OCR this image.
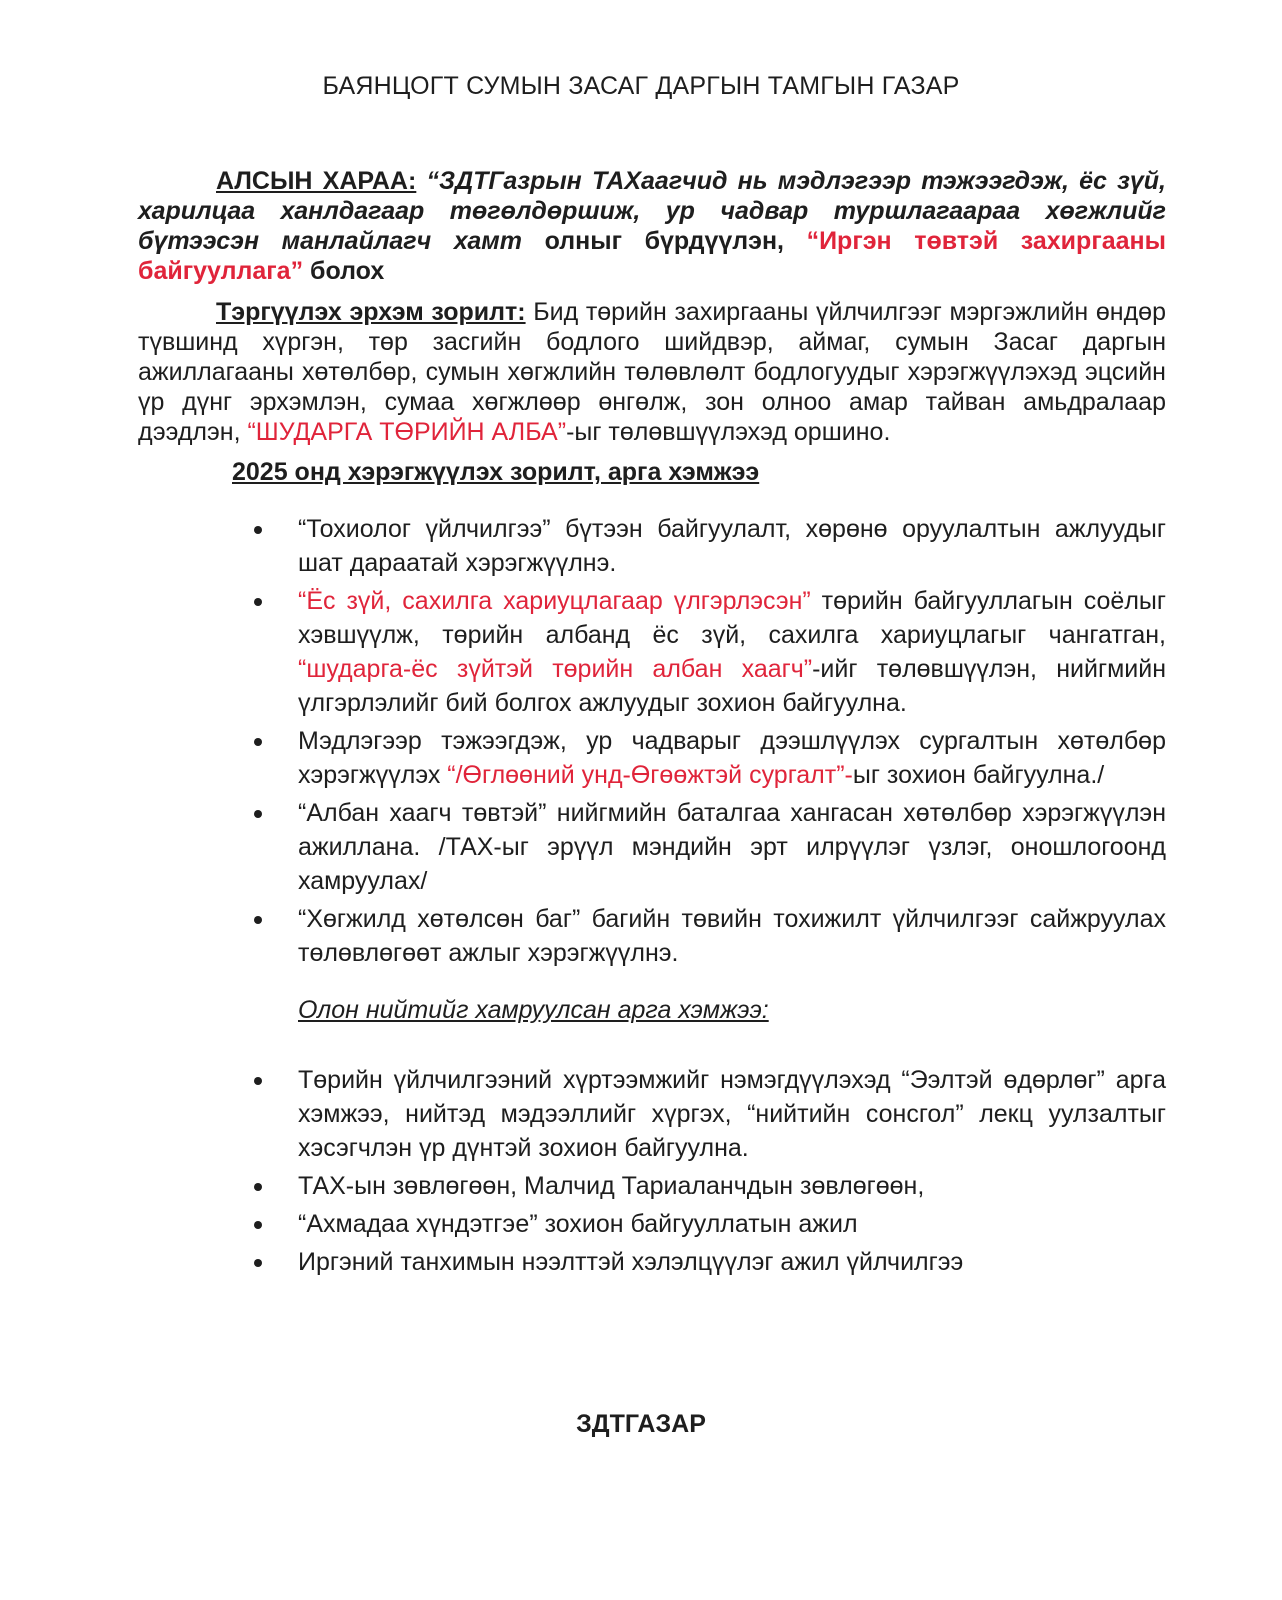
БАЯНЦОГТ СУМЫН ЗАСАГ ДАРГЫН ТАМГЫН ГАЗАР

АЛСЫН ХАРАА: “ЗДТГазрын ТАХаагчид нь мэдлэгээр тэжээгдэж, ёс зүй, харилцаа ханлдагаар төгөлдөршиж, ур чадвар туршлагаараа хөгжлийг бүтээсэн манлайлагч хамт олныг бүрдүүлэн, “Иргэн төвтэй захиргааны байгууллага” болох

Тэргүүлэх эрхэм зорилт: Бид төрийн захиргааны үйлчилгээг мэргэжлийн өндөр түвшинд хүргэн, төр засгийн бодлого шийдвэр, аймаг, сумын Засаг даргын ажиллагааны хөтөлбөр, сумын хөгжлийн төлөвлөлт бодлогуудыг хэрэгжүүлэхэд эцсийн үр дүнг эрхэмлэн, сумаа хөгжлөөр өнгөлж, зон олноо амар тайван амьдралаар дээдлэн, “ШУДАРГА ТӨРИЙН АЛБА”-ыг төлөвшүүлэхэд оршино.

2025 онд хэрэгжүүлэх зорилт, арга хэмжээ
“Тохиолог үйлчилгээ” бүтээн байгуулалт, хөрөнө оруулалтын ажлуудыг шат дараатай хэрэгжүүлнэ.
“Ёс зүй, сахилга хариуцлагаар үлгэрлэсэн” төрийн байгууллагын соёлыг хэвшүүлж, төрийн албанд ёс зүй, сахилга хариуцлагыг чангатган, “шударга-ёс зүйтэй төрийн албан хаагч”-ийг төлөвшүүлэн, нийгмийн үлгэрлэлийг бий болгох ажлуудыг зохион байгуулна.
Мэдлэгээр тэжээгдэж, ур чадварыг дээшлүүлэх сургалтын хөтөлбөр хэрэгжүүлэх “/Өглөөний унд-Өгөөжтэй сургалт”-ыг зохион байгуулна./
“Албан хаагч төвтэй” нийгмийн баталгаа хангасан хөтөлбөр хэрэгжүүлэн ажиллана. /ТАХ-ыг эрүүл мэндийн эрт илрүүлэг үзлэг, оношлогоонд хамруулах/
“Хөгжилд хөтөлсөн баг” багийн төвийн тохижилт үйлчилгээг сайжруулах төлөвлөгөөт ажлыг хэрэгжүүлнэ.
Олон нийтийг хамруулсан арга хэмжээ:
Төрийн үйлчилгээний хүртээмжийг нэмэгдүүлэхэд “Ээлтэй өдөрлөг” арга хэмжээ, нийтэд мэдээллийг хүргэх, “нийтийн сонсгол” лекц уулзалтыг хэсэгчлэн үр дүнтэй зохион байгуулна.
ТАХ-ын зөвлөгөөн, Малчид Тариаланчдын зөвлөгөөн,
“Ахмадаа хүндэтгэе” зохион байгууллатын ажил
Иргэний танхимын нээлттэй хэлэлцүүлэг ажил үйлчилгээ
ЗДТГАЗАР
